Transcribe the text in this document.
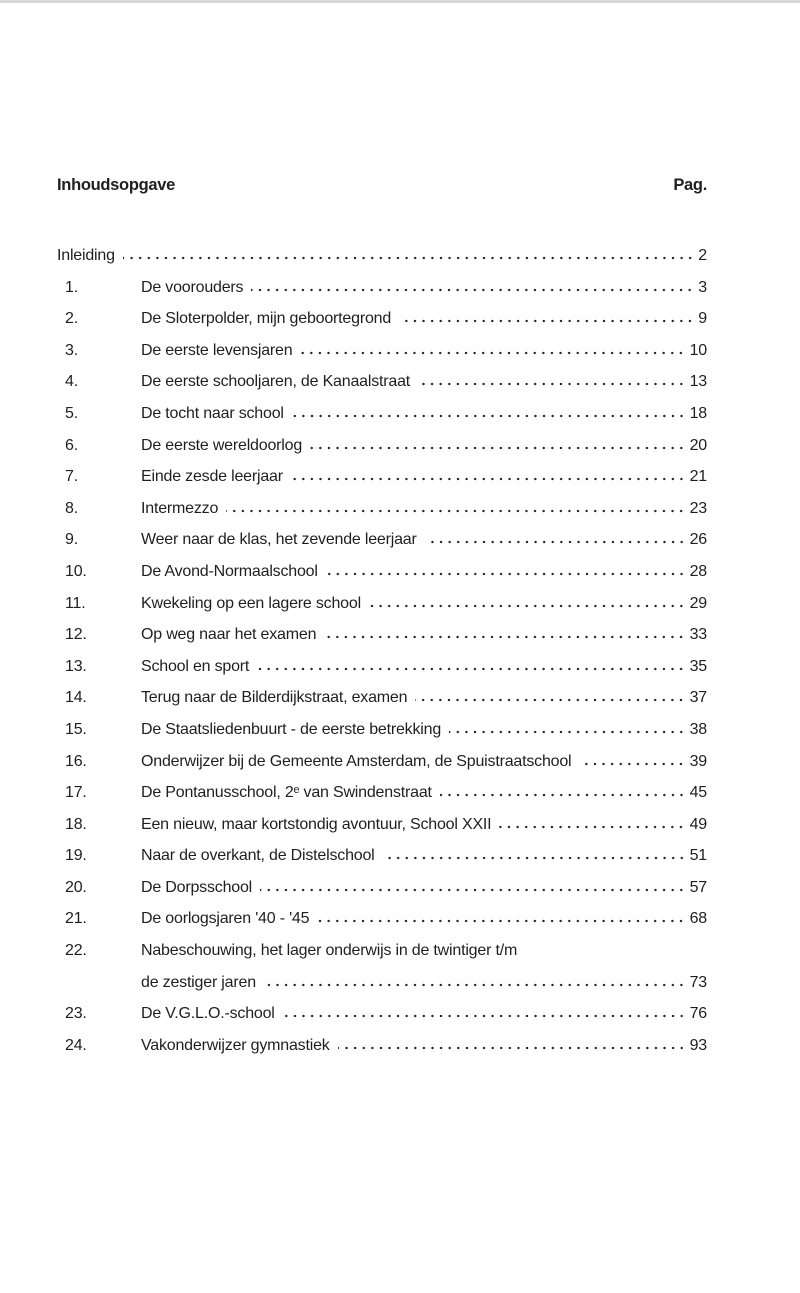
Inhoudsopgave	Pag.
Inleiding	2
1.	De voorouders	3
2.	De Sloterpolder, mijn geboortegrond	9
3.	De eerste levensjaren	10
4.	De eerste schooljaren, de Kanaalstraat	13
5.	De tocht naar school	18
6.	De eerste wereldoorlog	20
7.	Einde zesde leerjaar	21
8.	Intermezzo	23
9.	Weer naar de klas, het zevende leerjaar	26
10.	De Avond-Normaalschool	28
11.	Kwekeling op een lagere school	29
12.	Op weg naar het examen	33
13.	School en sport	35
14.	Terug naar de Bilderdijkstraat, examen	37
15.	De Staatsliedenbuurt - de eerste betrekking	38
16.	Onderwijzer bij de Gemeente Amsterdam, de Spuistraatschool	39
17.	De Pontanusschool, 2ᵉ van Swindenstraat	45
18.	Een nieuw, maar kortstondig avontuur, School XXII	49
19.	Naar de overkant, de Distelschool	51
20.	De Dorpsschool	57
21.	De oorlogsjaren '40 - '45	68
22.	Nabeschouwing, het lager onderwijs in de twintiger t/m
de zestiger jaren	73
23.	De V.G.L.O.-school	76
24.	Vakonderwijzer gymnastiek	93
